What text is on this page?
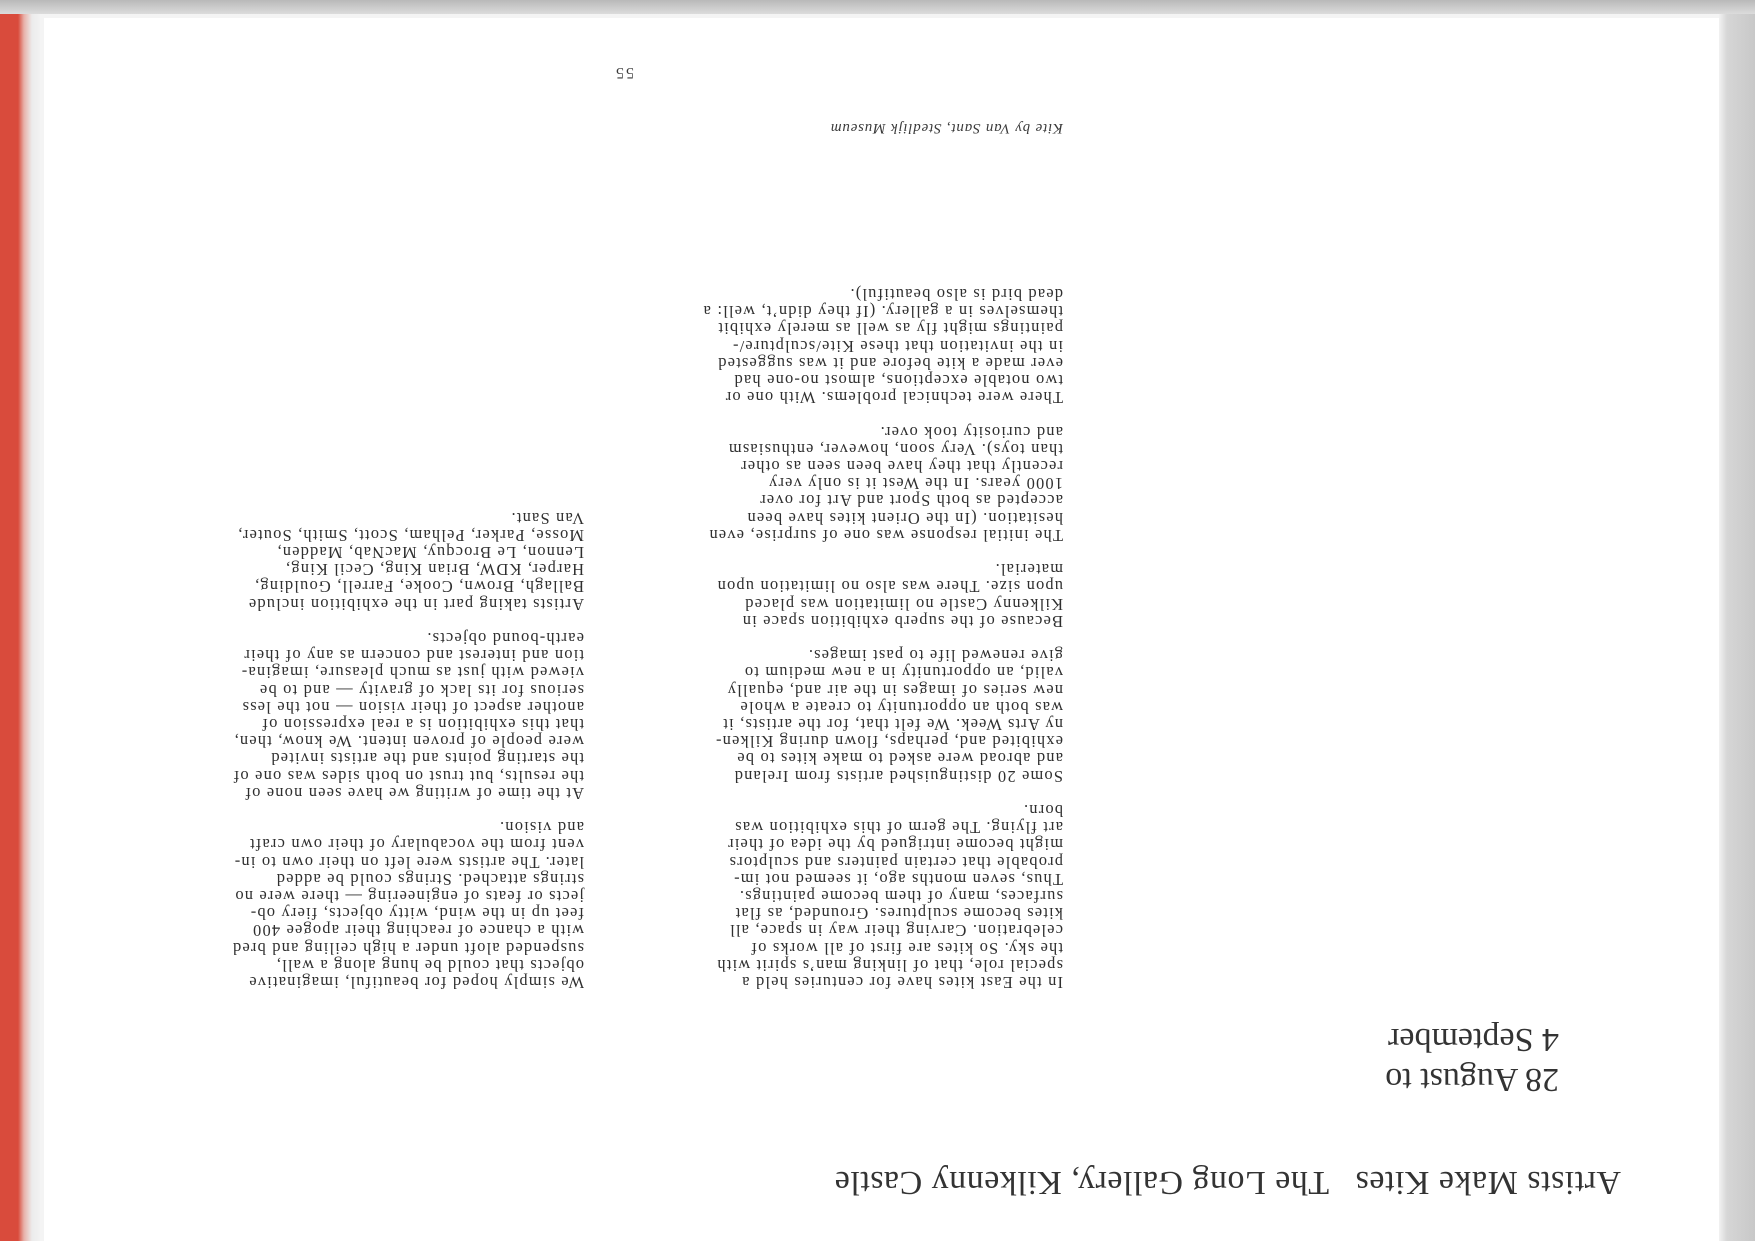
Artists Make KitesThe Long Gallery, Kilkenny Castle
28 August to
4 September

In the East kites have for centuries held a
special role, that of linking man’s spirit with
the sky. So kites are first of all works of
celebration. Carving their way in space, all
kites become sculptures. Grounded, as flat
surfaces, many of them become paintings.
Thus, seven months ago, it seemed not im-
probable that certain painters and sculptors
might become intrigued by the idea of their
art flying. The germ of this exhibition was
born.

Some 20 distinguished artists from Ireland
and abroad were asked to make kites to be
exhibited and, perhaps, flown during Kilken-
ny Arts Week. We felt that, for the artists, it
was both an opportunity to create a whole
new series of images in the air and, equally
valid, an opportunity in a new medium to
give renewed life to past images.

Because of the superb exhibition space in
Kilkenny Castle no limitation was placed
upon size. There was also no limitation upon
material.

The initial response was one of surprise, even
hesitation. (In the Orient kites have been
accepted as both Sport and Art for over
1000 years. In the West it is only very
recently that they have been seen as other
than toys). Very soon, however, enthusiasm
and curiosity took over.

There were technical problems. With one or
two notable exceptions, almost no-one had
ever made a kite before and it was suggested
in the invitation that these Kite/sculpture/-
paintings might fly as well as merely exhibit
themselves in a gallery. (If they didn’t, well: a
dead bird is also beautiful).

We simply hoped for beautiful, imaginative
objects that could be hung along a wall,
suspended aloft under a high ceiling and bred
with a chance of reaching their apogee 400
feet up in the wind, witty objects, fiery ob-
jects or feats of engineering — there were no
strings attached. Strings could be added
later. The artists were left on their own to in-
vent from the vocabulary of their own craft
and vision.

At the time of writing we have seen none of
the results, but trust on both sides was one of
the starting points and the artists invited
were people of proven intent. We know, then,
that this exhibition is a real expression of
another aspect of their vision — not the less
serious for its lack of gravity — and to be
viewed with just as much pleasure, imagina-
tion and interest and concern as any of their
earth-bound objects.

Artists taking part in the exhibition include
Ballagh, Brown, Cooke, Farrell, Goulding,
Harper, KDW, Brian King, Cecil King,
Lennon, Le Brocquy, MacNab, Madden,
Mosse, Parker, Pelham, Scott, Smith, Souter,
Van Sant.

Kite by Van Sant, Stedlijk Museum
55
